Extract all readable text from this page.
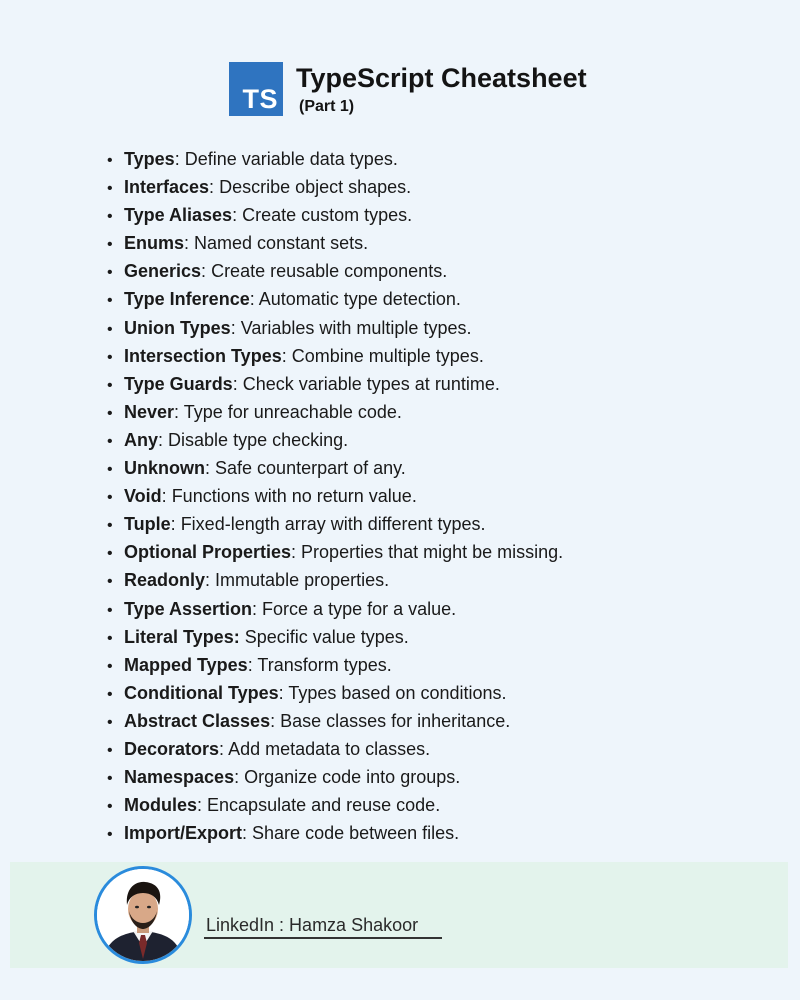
TS
TypeScript Cheatsheet
(Part 1)
• Types: Define variable data types.
• Interfaces: Describe object shapes.
• Type Aliases: Create custom types.
• Enums: Named constant sets.
• Generics: Create reusable components.
• Type Inference: Automatic type detection.
• Union Types: Variables with multiple types.
• Intersection Types: Combine multiple types.
• Type Guards: Check variable types at runtime.
• Never: Type for unreachable code.
• Any: Disable type checking.
• Unknown: Safe counterpart of any.
• Void: Functions with no return value.
• Tuple: Fixed-length array with different types.
• Optional Properties: Properties that might be missing.
• Readonly: Immutable properties.
• Type Assertion: Force a type for a value.
• Literal Types: Specific value types.
• Mapped Types: Transform types.
• Conditional Types: Types based on conditions.
• Abstract Classes: Base classes for inheritance.
• Decorators: Add metadata to classes.
• Namespaces: Organize code into groups.
• Modules: Encapsulate and reuse code.
• Import/Export: Share code between files.
LinkedIn : Hamza Shakoor
